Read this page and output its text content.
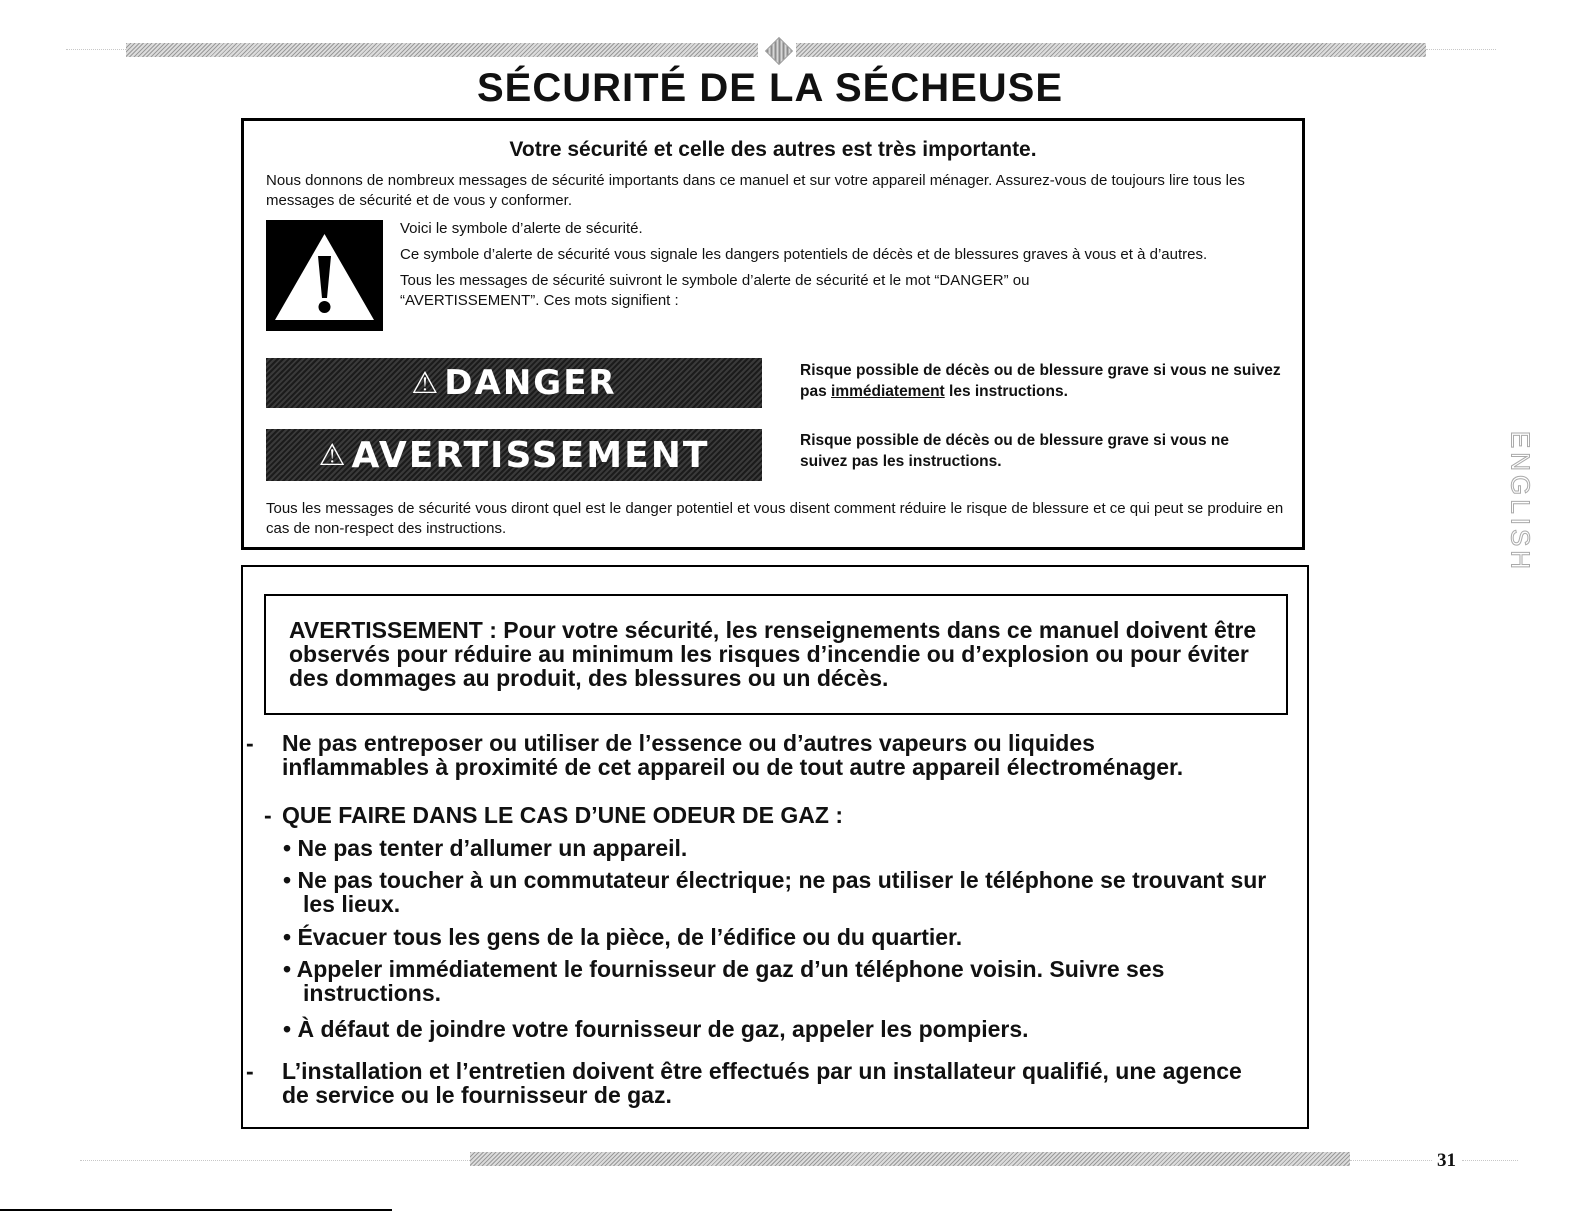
SÉCURITÉ DE LA SÉCHEUSE
Votre sécurité et celle des autres est très importante.

Nous donnons de nombreux messages de sécurité importants dans ce manuel et sur votre appareil ménager. Assurez-vous de toujours lire tous les messages de sécurité et de vous y conformer.

Voici le symbole d’alerte de sécurité.

Ce symbole d’alerte de sécurité vous signale les dangers potentiels de décès et de blessures graves à vous et à d’autres.

Tous les messages de sécurité suivront le symbole d’alerte de sécurité et le mot “DANGER” ou “AVERTISSEMENT”. Ces mots signifient :

⚠ DANGER	Risque possible de décès ou de blessure grave si vous ne suivez pas immédiatement les instructions.

⚠ AVERTISSEMENT	Risque possible de décès ou de blessure grave si vous ne suivez pas les instructions.

Tous les messages de sécurité vous diront quel est le danger potentiel et vous disent comment réduire le risque de blessure et ce qui peut se produire en cas de non-respect des instructions.

AVERTISSEMENT : Pour votre sécurité, les renseignements dans ce manuel doivent être observés pour réduire au minimum les risques d’incendie ou d’explosion ou pour éviter des dommages au produit, des blessures ou un décès.

- Ne pas entreposer ou utiliser de l’essence ou d’autres vapeurs ou liquides inflammables à proximité de cet appareil ou de tout autre appareil électroménager.

- QUE FAIRE DANS LE CAS D’UNE ODEUR DE GAZ :

• Ne pas tenter d’allumer un appareil.

• Ne pas toucher à un commutateur électrique; ne pas utiliser le téléphone se trouvant sur les lieux.

• Évacuer tous les gens de la pièce, de l’édifice ou du quartier.

• Appeler immédiatement le fournisseur de gaz d’un téléphone voisin. Suivre ses instructions.

• À défaut de joindre votre fournisseur de gaz, appeler les pompiers.

- L’installation et l’entretien doivent être effectués par un installateur qualifié, une agence de service ou le fournisseur de gaz.

ENGLISH
31
